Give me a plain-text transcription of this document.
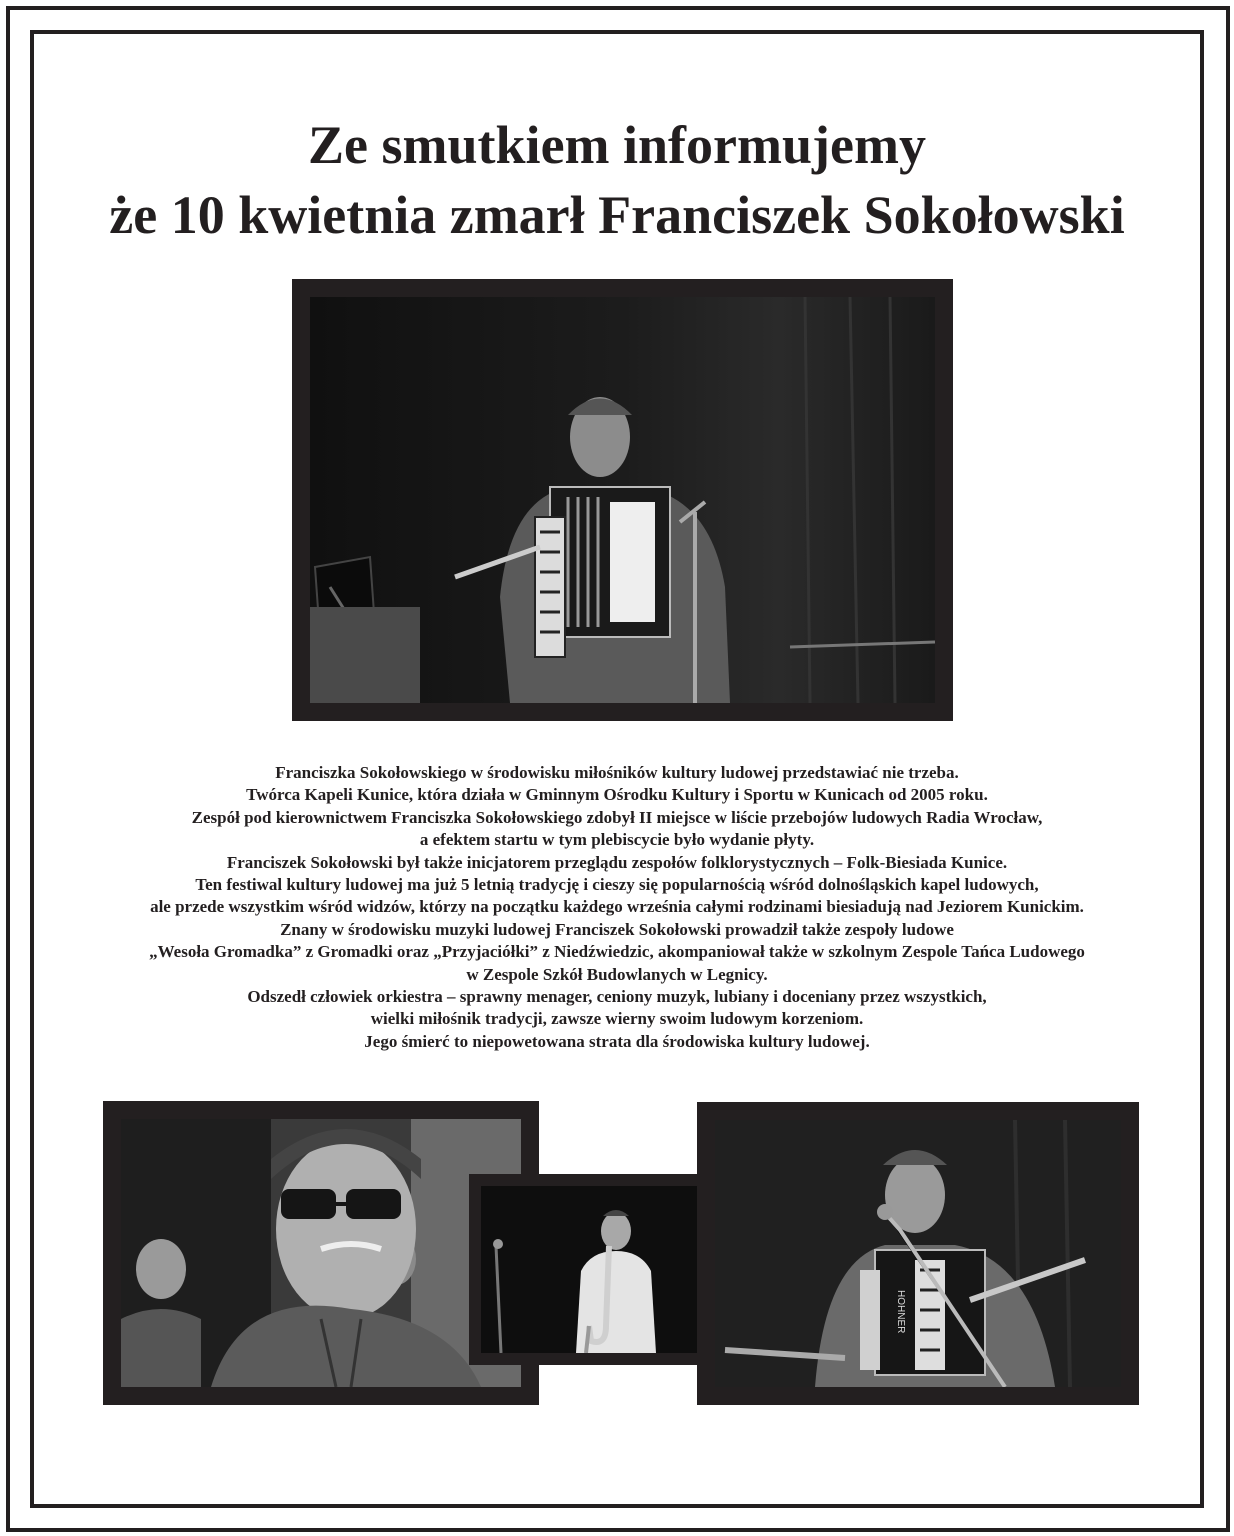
Ze smutkiem informujemy
że 10 kwietnia zmarł Franciszek Sokołowski
Franciszka Sokołowskiego w środowisku miłośników kultury ludowej przedstawiać nie trzeba.
Twórca Kapeli Kunice, która działa w Gminnym Ośrodku Kultury i Sportu w Kunicach od 2005 roku.
Zespół pod kierownictwem Franciszka Sokołowskiego zdobył II miejsce w liście przebojów ludowych Radia Wrocław,
a efektem startu w tym plebiscycie było wydanie płyty.
Franciszek Sokołowski był także inicjatorem przeglądu zespołów folklorystycznych – Folk-Biesiada Kunice.
Ten festiwal kultury ludowej ma już 5 letnią tradycję i cieszy się popularnością wśród dolnośląskich kapel ludowych,
ale przede wszystkim wśród widzów, którzy na początku każdego września całymi rodzinami biesiadują nad Jeziorem Kunickim.
Znany w środowisku muzyki ludowej Franciszek Sokołowski prowadził także zespoły ludowe
„Wesoła Gromadka” z Gromadki oraz „Przyjaciółki” z Niedźwiedzic, akompaniował także w szkolnym Zespole Tańca Ludowego
w Zespole Szkół Budowlanych w Legnicy.
Odszedł człowiek orkiestra – sprawny menager, ceniony muzyk, lubiany i doceniany przez wszystkich,
wielki miłośnik tradycji, zawsze wierny swoim ludowym korzeniom.
Jego śmierć to niepowetowana strata dla środowiska kultury ludowej.
HOHNER
